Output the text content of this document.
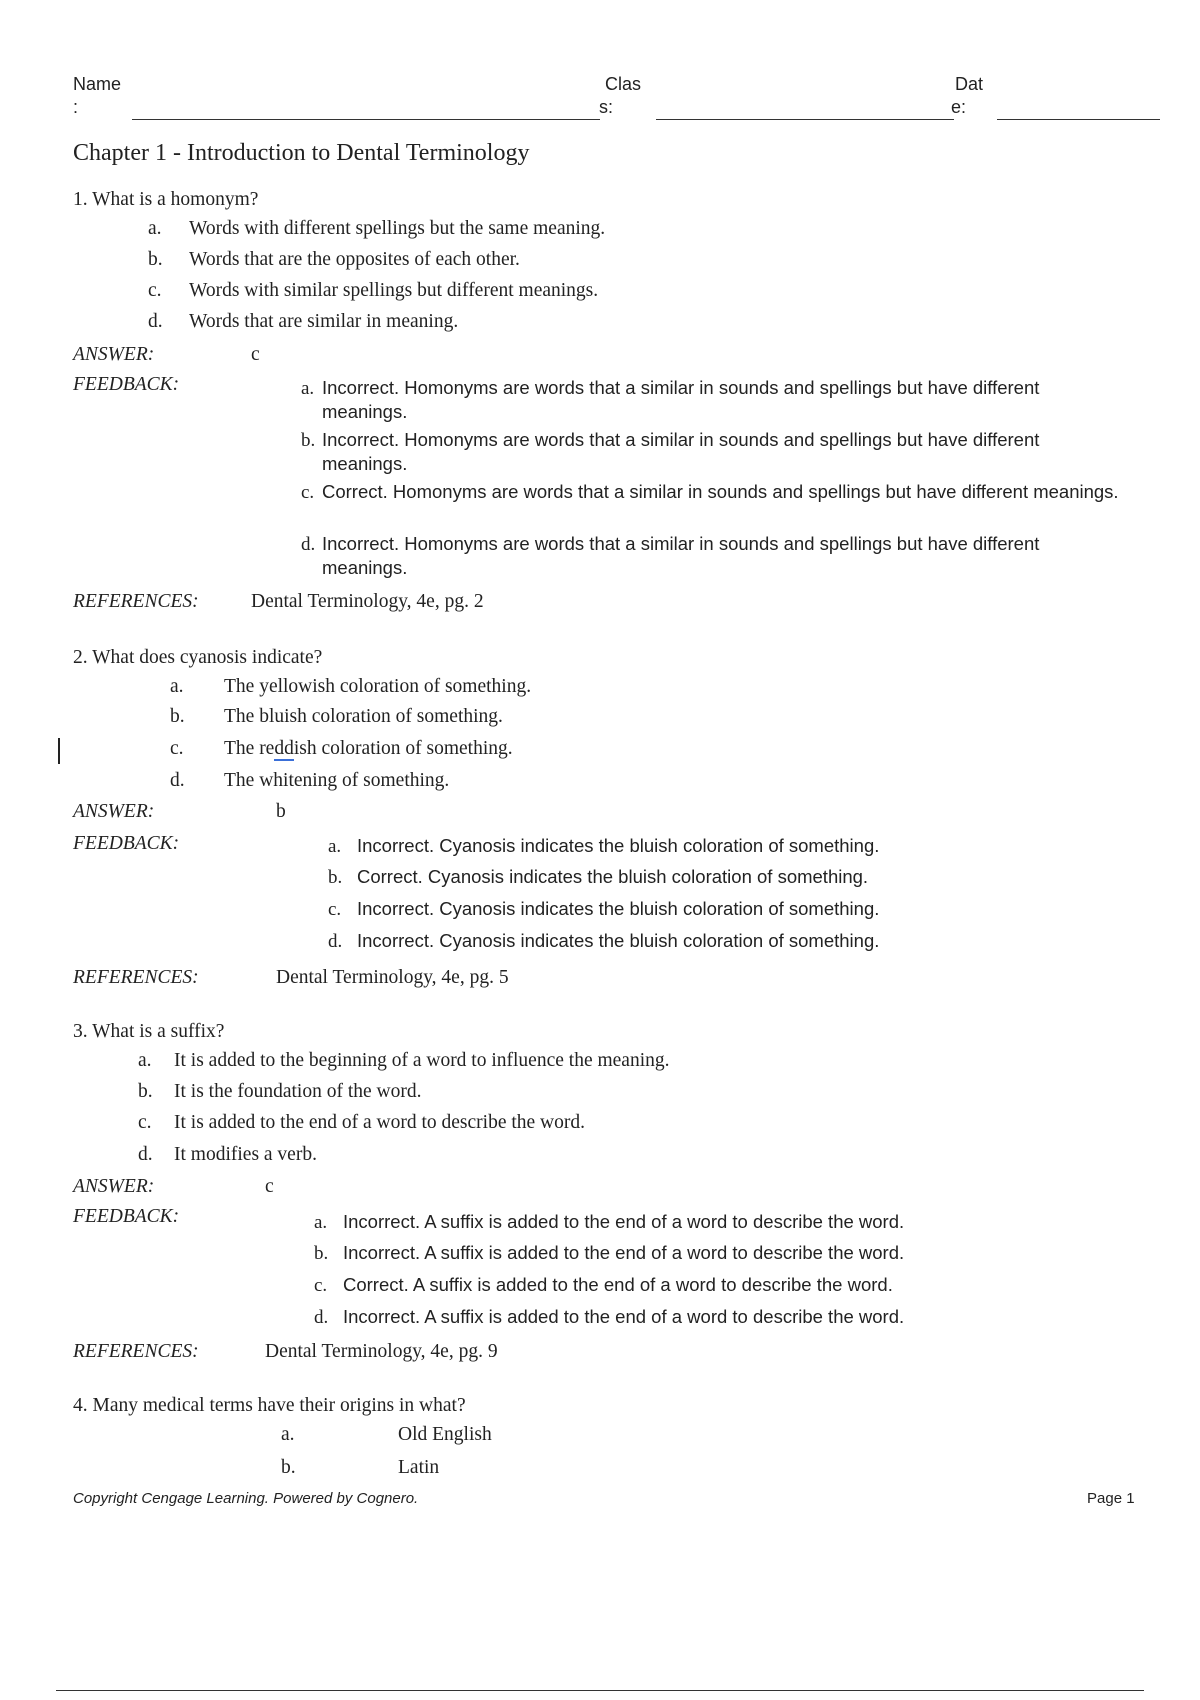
Name
:
Clas
s:
Dat
e:
Chapter 1 - Introduction to Dental Terminology
1. What is a homonym?
a. Words with different spellings but the same meaning.
b. Words that are the opposites of each other.
c. Words with similar spellings but different meanings.
d. Words that are similar in meaning.
ANSWER:	c
FEEDBACK:	a. Incorrect. Homonyms are words that a similar in sounds and spellings but have different meanings.
b. Incorrect. Homonyms are words that a similar in sounds and spellings but have different meanings.
c. Correct. Homonyms are words that a similar in sounds and spellings but have different meanings.
d. Incorrect. Homonyms are words that a similar in sounds and spellings but have different meanings.
REFERENCES:	Dental Terminology, 4e, pg. 2
2. What does cyanosis indicate?
a. The yellowish coloration of something.
b. The bluish coloration of something.
c. The reddish coloration of something.
d. The whitening of something.
ANSWER:	b
FEEDBACK:	a. Incorrect. Cyanosis indicates the bluish coloration of something.
b. Correct. Cyanosis indicates the bluish coloration of something.
c. Incorrect. Cyanosis indicates the bluish coloration of something.
d. Incorrect. Cyanosis indicates the bluish coloration of something.
REFERENCES:	Dental Terminology, 4e, pg. 5
3. What is a suffix?
a. It is added to the beginning of a word to influence the meaning.
b. It is the foundation of the word.
c. It is added to the end of a word to describe the word.
d. It modifies a verb.
ANSWER:	c
FEEDBACK:	a. Incorrect. A suffix is added to the end of a word to describe the word.
b. Incorrect. A suffix is added to the end of a word to describe the word.
c. Correct. A suffix is added to the end of a word to describe the word.
d. Incorrect. A suffix is added to the end of a word to describe the word.
REFERENCES:	Dental Terminology, 4e, pg. 9
4. Many medical terms have their origins in what?
a.	Old English
b.	Latin
Copyright Cengage Learning. Powered by Cognero.	Page 1
